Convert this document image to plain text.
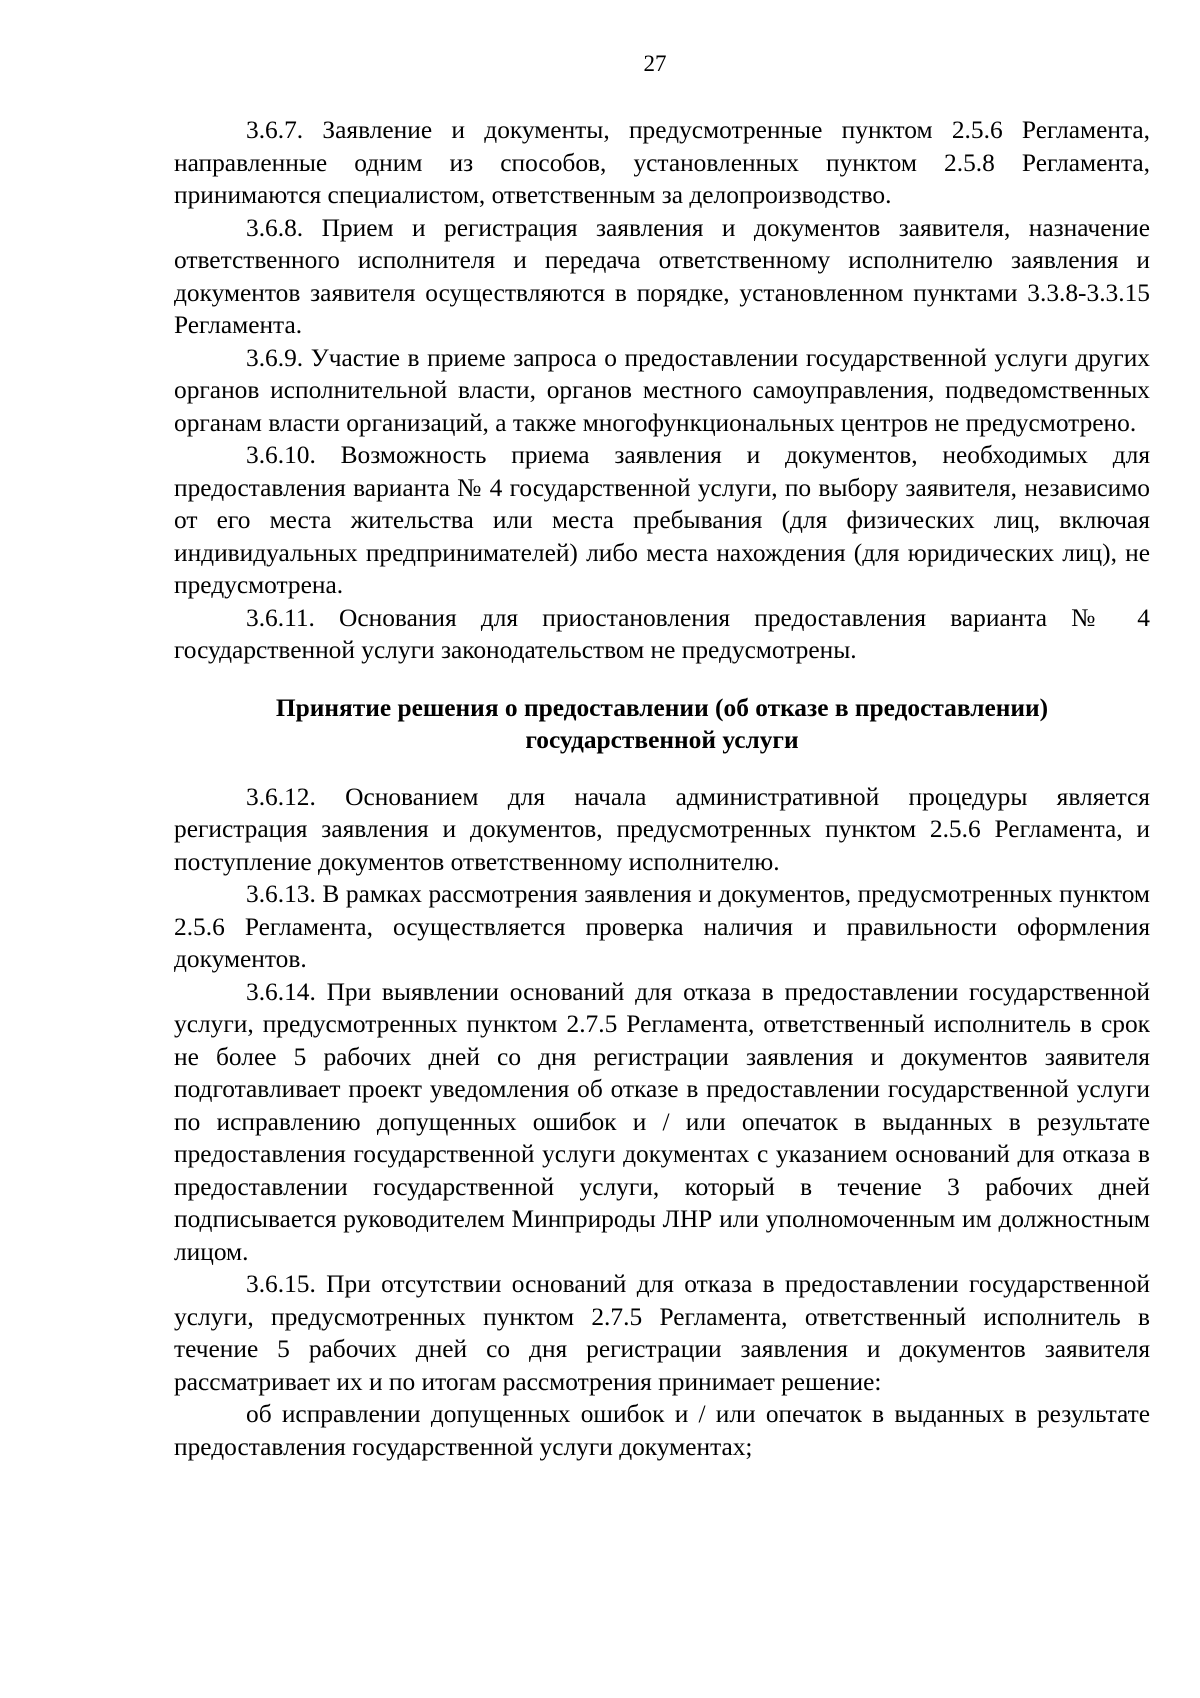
27

3.6.7. Заявление и документы, предусмотренные пунктом 2.5.6 Регламента, направленные одним из способов, установленных пунктом 2.5.8 Регламента, принимаются специалистом, ответственным за делопроизводство.

3.6.8. Прием и регистрация заявления и документов заявителя, назначение ответственного исполнителя и передача ответственному исполнителю заявления и документов заявителя осуществляются в порядке, установленном пунктами 3.3.8-3.3.15 Регламента.

3.6.9. Участие в приеме запроса о предоставлении государственной услуги других органов исполнительной власти, органов местного самоуправления, подведомственных органам власти организаций, а также многофункциональных центров не предусмотрено.

3.6.10. Возможность приема заявления и документов, необходимых для предоставления варианта № 4 государственной услуги, по выбору заявителя, независимо от его места жительства или места пребывания (для физических лиц, включая индивидуальных предпринимателей) либо места нахождения (для юридических лиц), не предусмотрена.

3.6.11. Основания для приостановления предоставления варианта № 4 государственной услуги законодательством не предусмотрены.

Принятие решения о предоставлении (об отказе в предоставлении)
государственной услуги

3.6.12. Основанием для начала административной процедуры является регистрация заявления и документов, предусмотренных пунктом 2.5.6 Регламента, и поступление документов ответственному исполнителю.

3.6.13. В рамках рассмотрения заявления и документов, предусмотренных пунктом 2.5.6 Регламента, осуществляется проверка наличия и правильности оформления документов.

3.6.14. При выявлении оснований для отказа в предоставлении государственной услуги, предусмотренных пунктом 2.7.5 Регламента, ответственный исполнитель в срок не более 5 рабочих дней со дня регистрации заявления и документов заявителя подготавливает проект уведомления об отказе в предоставлении государственной услуги по исправлению допущенных ошибок и / или опечаток в выданных в результате предоставления государственной услуги документах с указанием оснований для отказа в предоставлении государственной услуги, который в течение 3 рабочих дней подписывается руководителем Минприроды ЛНР или уполномоченным им должностным лицом.

3.6.15. При отсутствии оснований для отказа в предоставлении государственной услуги, предусмотренных пунктом 2.7.5 Регламента, ответственный исполнитель в течение 5 рабочих дней со дня регистрации заявления и документов заявителя рассматривает их и по итогам рассмотрения принимает решение:

об исправлении допущенных ошибок и / или опечаток в выданных в результате предоставления государственной услуги документах;
